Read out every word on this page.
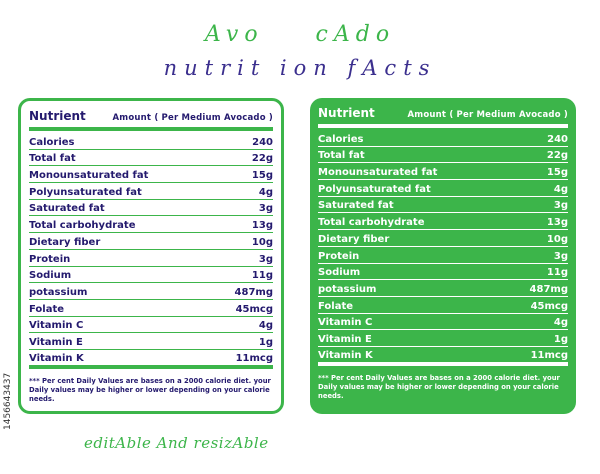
Avo    cAdo
nutrit ion fActs
Nutrient	Amount ( Per Medium Avocado )
Calories	240
Total fat	22g
Monounsaturated fat	15g
Polyunsaturated fat	4g
Saturated fat	3g
Total carbohydrate	13g
Dietary fiber	10g
Protein	3g
Sodium	11g
potassium	487mg
Folate	45mcg
Vitamin C	4g
Vitamin E	1g
Vitamin K	11mcg
*** Per cent Daily Values are bases on a 2000 calorie diet. your Daily values may be higher or lower depending on your calorie needs.
Nutrient	Amount ( Per Medium Avocado )
Calories	240
Total fat	22g
Monounsaturated fat	15g
Polyunsaturated fat	4g
Saturated fat	3g
Total carbohydrate	13g
Dietary fiber	10g
Protein	3g
Sodium	11g
potassium	487mg
Folate	45mcg
Vitamin C	4g
Vitamin E	1g
Vitamin K	11mcg
*** Per cent Daily Values are bases on a 2000 calorie diet. your Daily values may be higher or lower depending on your calorie needs.
editAble And resizAble
1456643437
